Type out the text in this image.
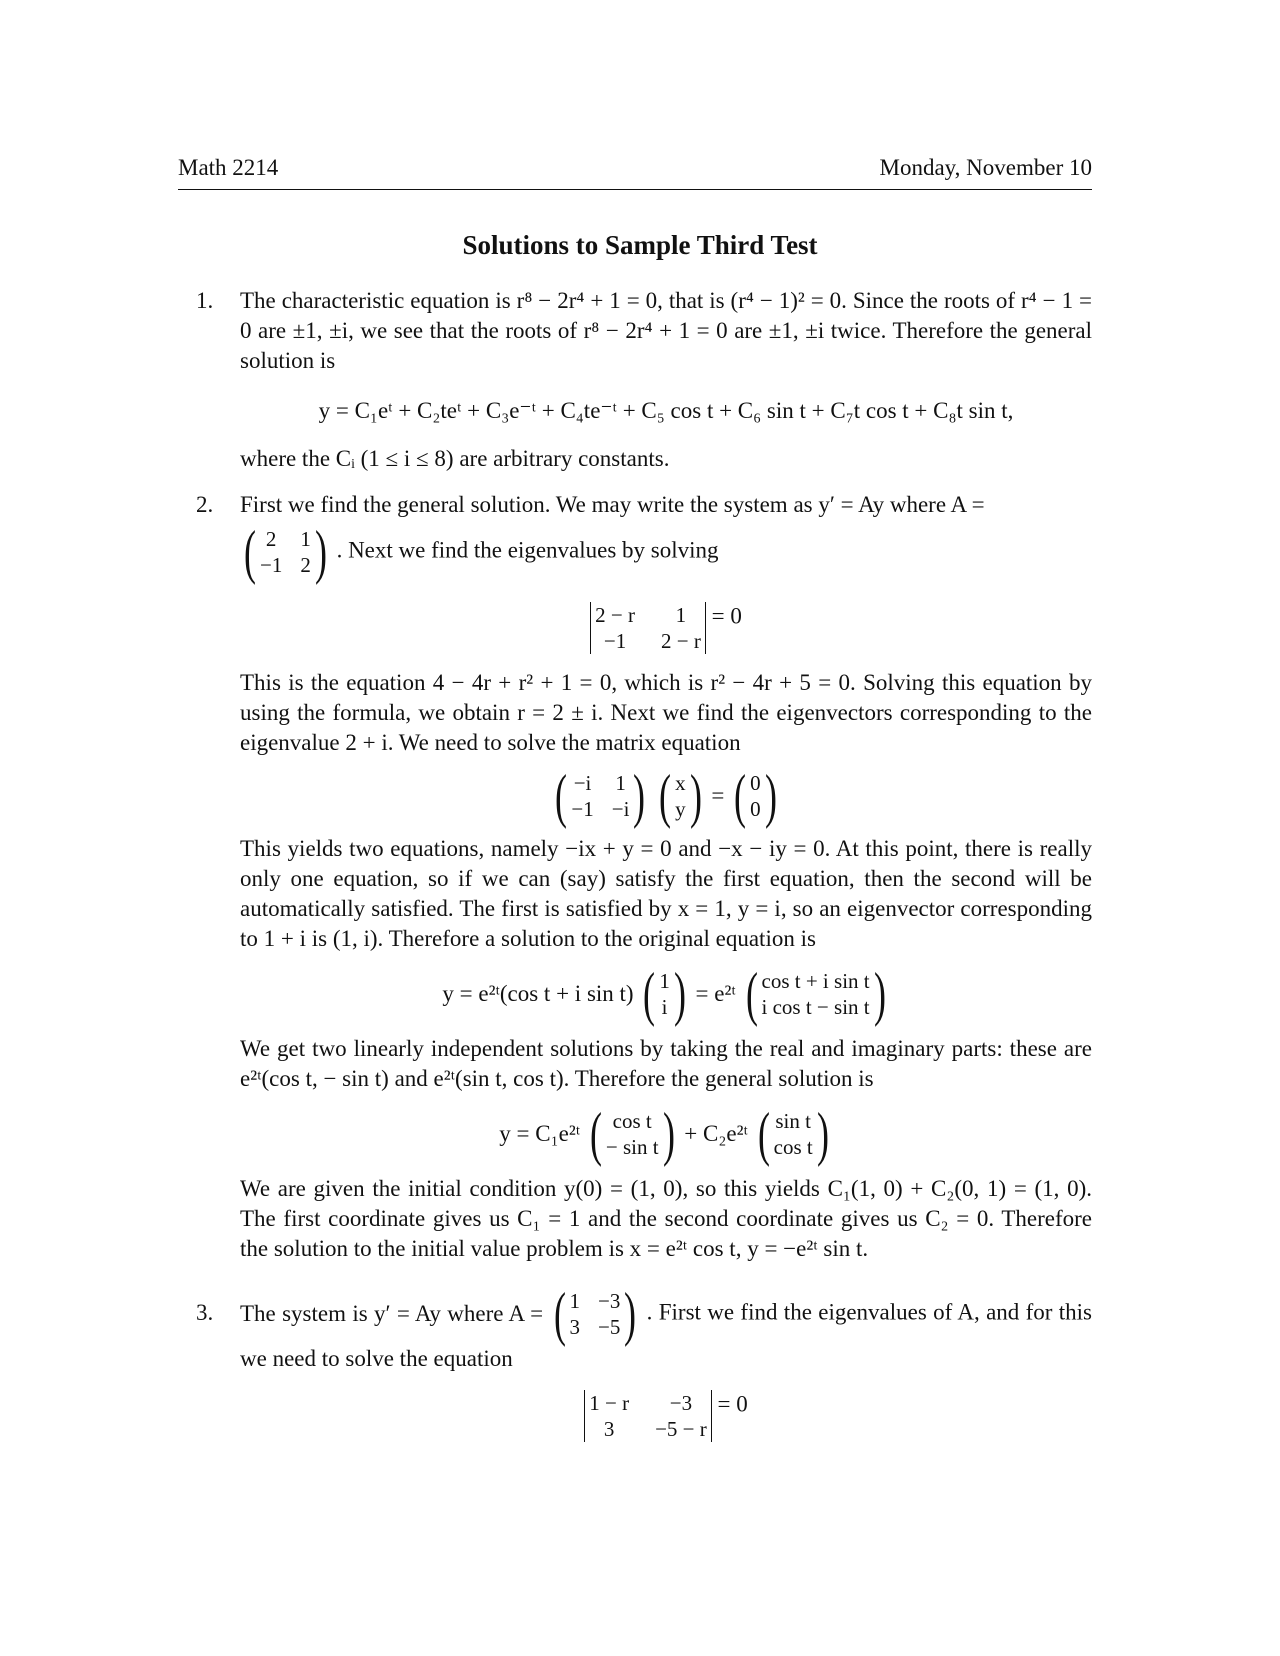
Math 2214	Monday, November 10
Solutions to Sample Third Test
1.	The characteristic equation is r⁸ − 2r⁴ + 1 = 0, that is (r⁴ − 1)² = 0. Since the roots of r⁴ − 1 = 0 are ±1, ±i, we see that the roots of r⁸ − 2r⁴ + 1 = 0 are ±1, ±i twice. Therefore the general solution is
y = C₁eᵗ + C₂teᵗ + C₃e⁻ᵗ + C₄te⁻ᵗ + C₅ cos t + C₆ sin t + C₇t cos t + C₈t sin t,
where the Cᵢ (1 ≤ i ≤ 8) are arbitrary constants.
2.	First we find the general solution. We may write the system as y′ = Ay where A =
( 2 1
−1 2 ) . Next we find the eigenvalues by solving
2 − r	1
−1	2 − r
= 0
This is the equation 4 − 4r + r² + 1 = 0, which is r² − 4r + 5 = 0. Solving this equation by using the formula, we obtain r = 2 ± i. Next we find the eigenvectors corresponding to the eigenvalue 2 + i. We need to solve the matrix equation
( −i 1
−1 −i )
( x
y ) = ( 0
0 )
This yields two equations, namely −ix + y = 0 and −x − iy = 0. At this point, there is really only one equation, so if we can (say) satisfy the first equation, then the second will be automatically satisfied. The first is satisfied by x = 1, y = i, so an eigenvector corresponding to 1 + i is (1, i). Therefore a solution to the original equation is
y = e²ᵗ(cos t + i sin t) ( 1
i ) = e²ᵗ ( cos t + i sin t
i cos t − sin t )
We get two linearly independent solutions by taking the real and imaginary parts: these are e²ᵗ(cos t, − sin t) and e²ᵗ(sin t, cos t). Therefore the general solution is
y = C₁e²ᵗ ( cos t
− sin t ) + C₂e²ᵗ ( sin t
cos t )
We are given the initial condition y(0) = (1, 0), so this yields C₁(1, 0) + C₂(0, 1) = (1, 0). The first coordinate gives us C₁ = 1 and the second coordinate gives us C₂ = 0. Therefore the solution to the initial value problem is x = e²ᵗ cos t, y = −e²ᵗ sin t.
3.	The system is y′ = Ay where A = ( 1 −3
3 −5 ) . First we find the eigenvalues of A, and for this we need to solve the equation
1 − r	−3
3	−5 − r
= 0
